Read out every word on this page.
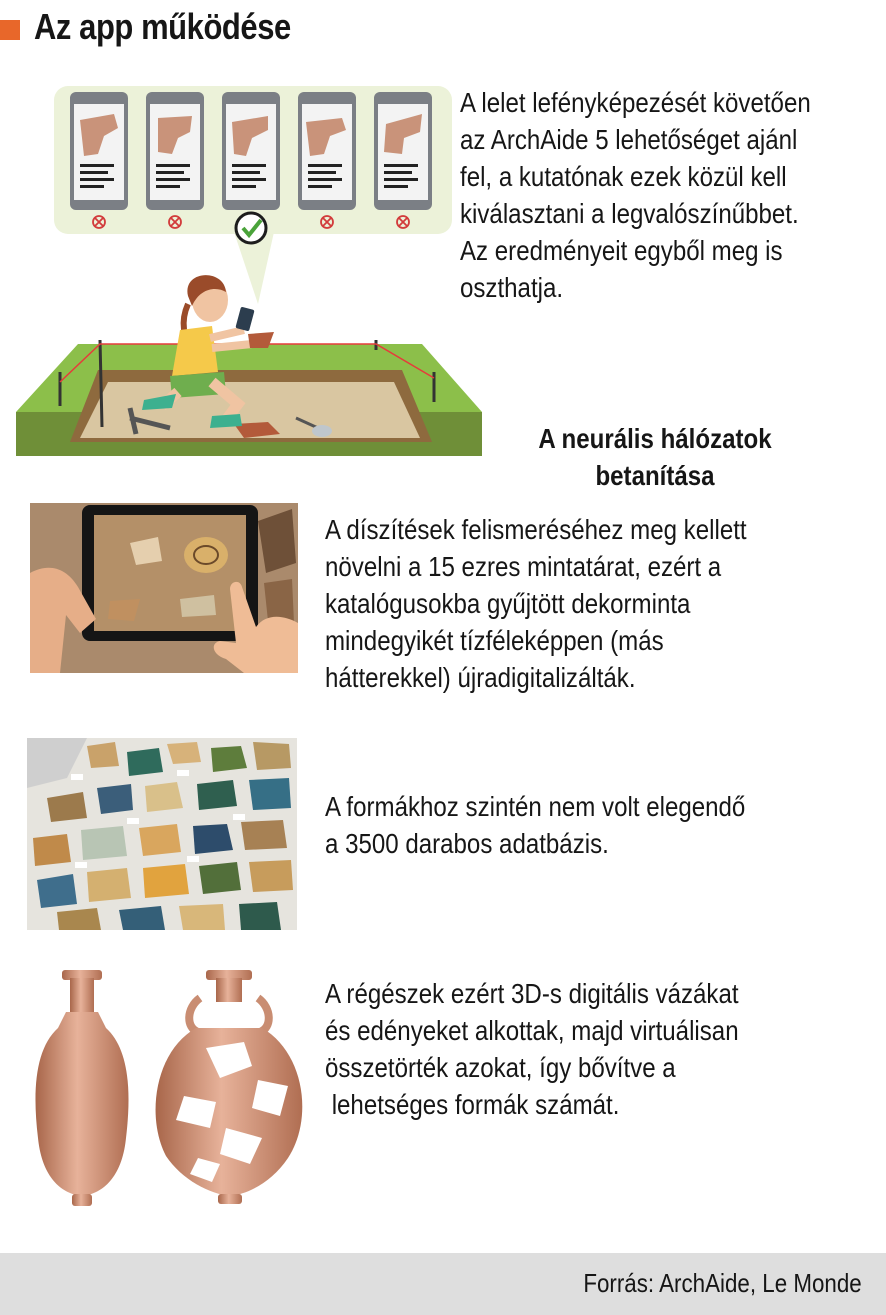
Az app működése
A lelet lefényképezését követően
az ArchAide 5 lehetőséget ajánl
fel, a kutatónak ezek közül kell
kiválasztani a legvalószínűbbet.
Az eredményeit egyből meg is
oszthatja.
A neurális hálózatok
betanítása
A díszítések felismeréséhez meg kellett
növelni a 15 ezres mintatárat, ezért a
katalógusokba gyűjtött dekorminta
mindegyikét tízféleképpen (más
hátterekkel) újradigitalizálták.
A formákhoz szintén nem volt elegendő
a 3500 darabos adatbázis.
A régészek ezért 3D-s digitális vázákat
és edényeket alkottak, majd virtuálisan
összetörték azokat, így bővítve a
lehetséges formák számát.
Forrás: ArchAide, Le Monde
